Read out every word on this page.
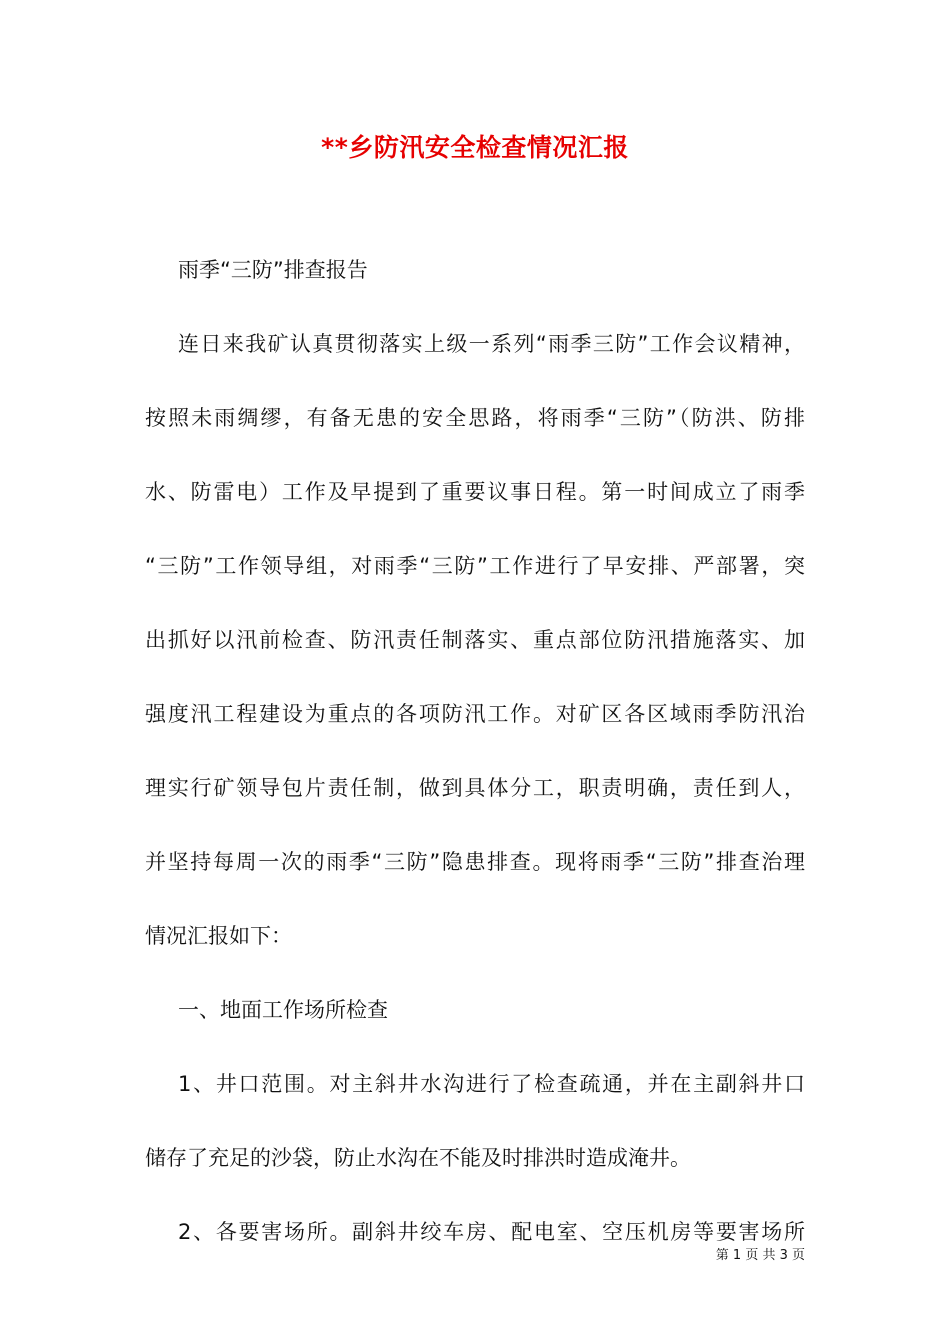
**乡防汛安全检查情况汇报
雨季“三防”排查报告
连日来我矿认真贯彻落实上级一系列“雨季三防”工作会议精神，
按照未雨绸缪，有备无患的安全思路，将雨季“三防”（防洪、防排
水、防雷电）工作及早提到了重要议事日程。第一时间成立了雨季
“三防”工作领导组，对雨季“三防”工作进行了早安排、严部署，突
出抓好以汛前检查、防汛责任制落实、重点部位防汛措施落实、加
强度汛工程建设为重点的各项防汛工作。对矿区各区域雨季防汛治
理实行矿领导包片责任制，做到具体分工，职责明确，责任到人，
并坚持每周一次的雨季“三防”隐患排查。现将雨季“三防”排查治理
情况汇报如下：
一、地面工作场所检查
1、井口范围。对主斜井水沟进行了检查疏通，并在主副斜井口
储存了充足的沙袋，防止水沟在不能及时排洪时造成淹井。
2、各要害场所。副斜井绞车房、配电室、空压机房等要害场所
第 1 页 共 3 页
